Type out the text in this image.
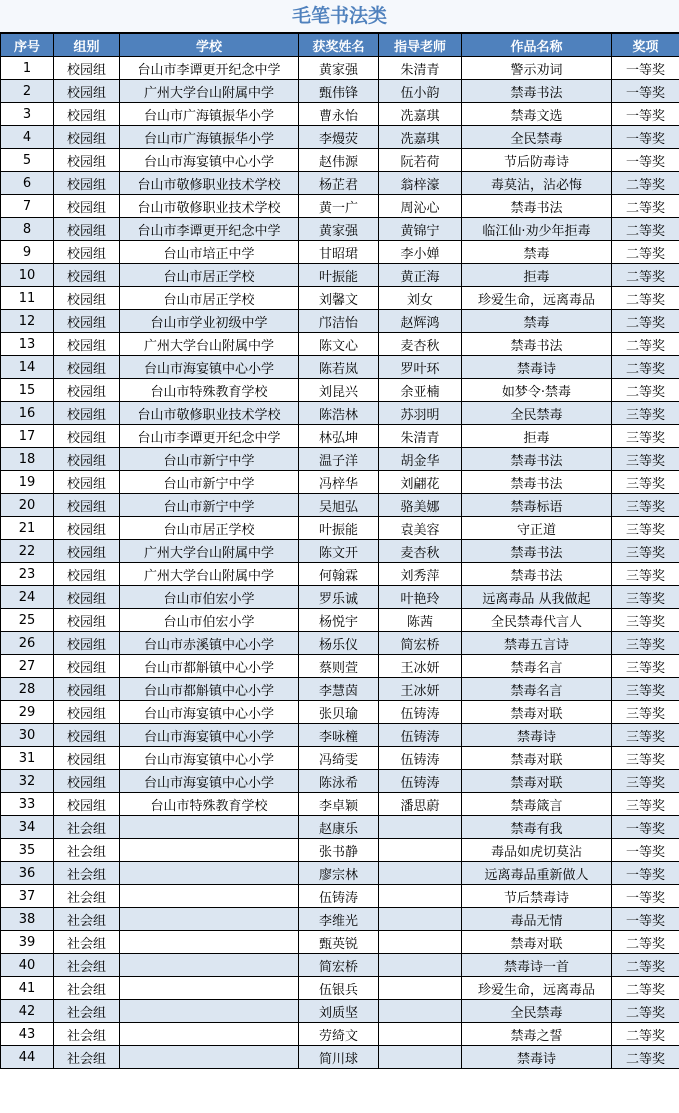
毛笔书法类
序号	组别	学校	获奖姓名	指导老师	作品名称	奖项
1	校园组	台山市李谭更开纪念中学	黄家强	朱清青	警示劝词	一等奖
2	校园组	广州大学台山附属中学	甄伟锋	伍小韵	禁毒书法	一等奖
3	校园组	台山市广海镇振华小学	曹永怡	冼嘉琪	禁毒文选	一等奖
4	校园组	台山市广海镇振华小学	李熳荧	冼嘉琪	全民禁毒	一等奖
5	校园组	台山市海宴镇中心小学	赵伟源	阮若荷	节后防毒诗	一等奖
6	校园组	台山市敬修职业技术学校	杨芷君	翁梓濠	毒莫沾，沾必悔	二等奖
7	校园组	台山市敬修职业技术学校	黄一广	周沁心	禁毒书法	二等奖
8	校园组	台山市李谭更开纪念中学	黄家强	黄锦宁	临江仙·劝少年拒毒	二等奖
9	校园组	台山市培正中学	甘昭珺	李小婵	禁毒	二等奖
10	校园组	台山市居正学校	叶振能	黄正海	拒毒	二等奖
11	校园组	台山市居正学校	刘馨文	刘女	珍爱生命，远离毒品	二等奖
12	校园组	台山市学业初级中学	邝洁怡	赵辉鸿	禁毒	二等奖
13	校园组	广州大学台山附属中学	陈文心	麦杏秋	禁毒书法	二等奖
14	校园组	台山市海宴镇中心小学	陈若岚	罗叶环	禁毒诗	二等奖
15	校园组	台山市特殊教育学校	刘昆兴	余亚楠	如梦令·禁毒	二等奖
16	校园组	台山市敬修职业技术学校	陈浩林	苏羽明	全民禁毒	三等奖
17	校园组	台山市李谭更开纪念中学	林弘坤	朱清青	拒毒	三等奖
18	校园组	台山市新宁中学	温子洋	胡金华	禁毒书法	三等奖
19	校园组	台山市新宁中学	冯梓华	刘翩花	禁毒书法	三等奖
20	校园组	台山市新宁中学	吴旭弘	骆美娜	禁毒标语	三等奖
21	校园组	台山市居正学校	叶振能	袁美容	守正道	三等奖
22	校园组	广州大学台山附属中学	陈文开	麦杏秋	禁毒书法	三等奖
23	校园组	广州大学台山附属中学	何翰霖	刘秀萍	禁毒书法	三等奖
24	校园组	台山市伯宏小学	罗乐诚	叶艳玲	远离毒品 从我做起	三等奖
25	校园组	台山市伯宏小学	杨悦宇	陈茜	全民禁毒代言人	三等奖
26	校园组	台山市赤溪镇中心小学	杨乐仪	简宏桥	禁毒五言诗	三等奖
27	校园组	台山市都斛镇中心小学	蔡则萱	王冰妍	禁毒名言	三等奖
28	校园组	台山市都斛镇中心小学	李慧茵	王冰妍	禁毒名言	三等奖
29	校园组	台山市海宴镇中心小学	张贝瑜	伍铸涛	禁毒对联	三等奖
30	校园组	台山市海宴镇中心小学	李咏橦	伍铸涛	禁毒诗	三等奖
31	校园组	台山市海宴镇中心小学	冯绮雯	伍铸涛	禁毒对联	三等奖
32	校园组	台山市海宴镇中心小学	陈泳希	伍铸涛	禁毒对联	三等奖
33	校园组	台山市特殊教育学校	李卓颖	潘思蔚	禁毒箴言	三等奖
34	社会组		赵康乐		禁毒有我	一等奖
35	社会组		张书静		毒品如虎切莫沾	一等奖
36	社会组		廖宗林		远离毒品重新做人	一等奖
37	社会组		伍铸涛		节后禁毒诗	一等奖
38	社会组		李维光		毒品无情	一等奖
39	社会组		甄英锐		禁毒对联	二等奖
40	社会组		简宏桥		禁毒诗一首	二等奖
41	社会组		伍银兵		珍爱生命，远离毒品	二等奖
42	社会组		刘质坚		全民禁毒	二等奖
43	社会组		劳绮文		禁毒之誓	二等奖
44	社会组		简川球		禁毒诗	二等奖
